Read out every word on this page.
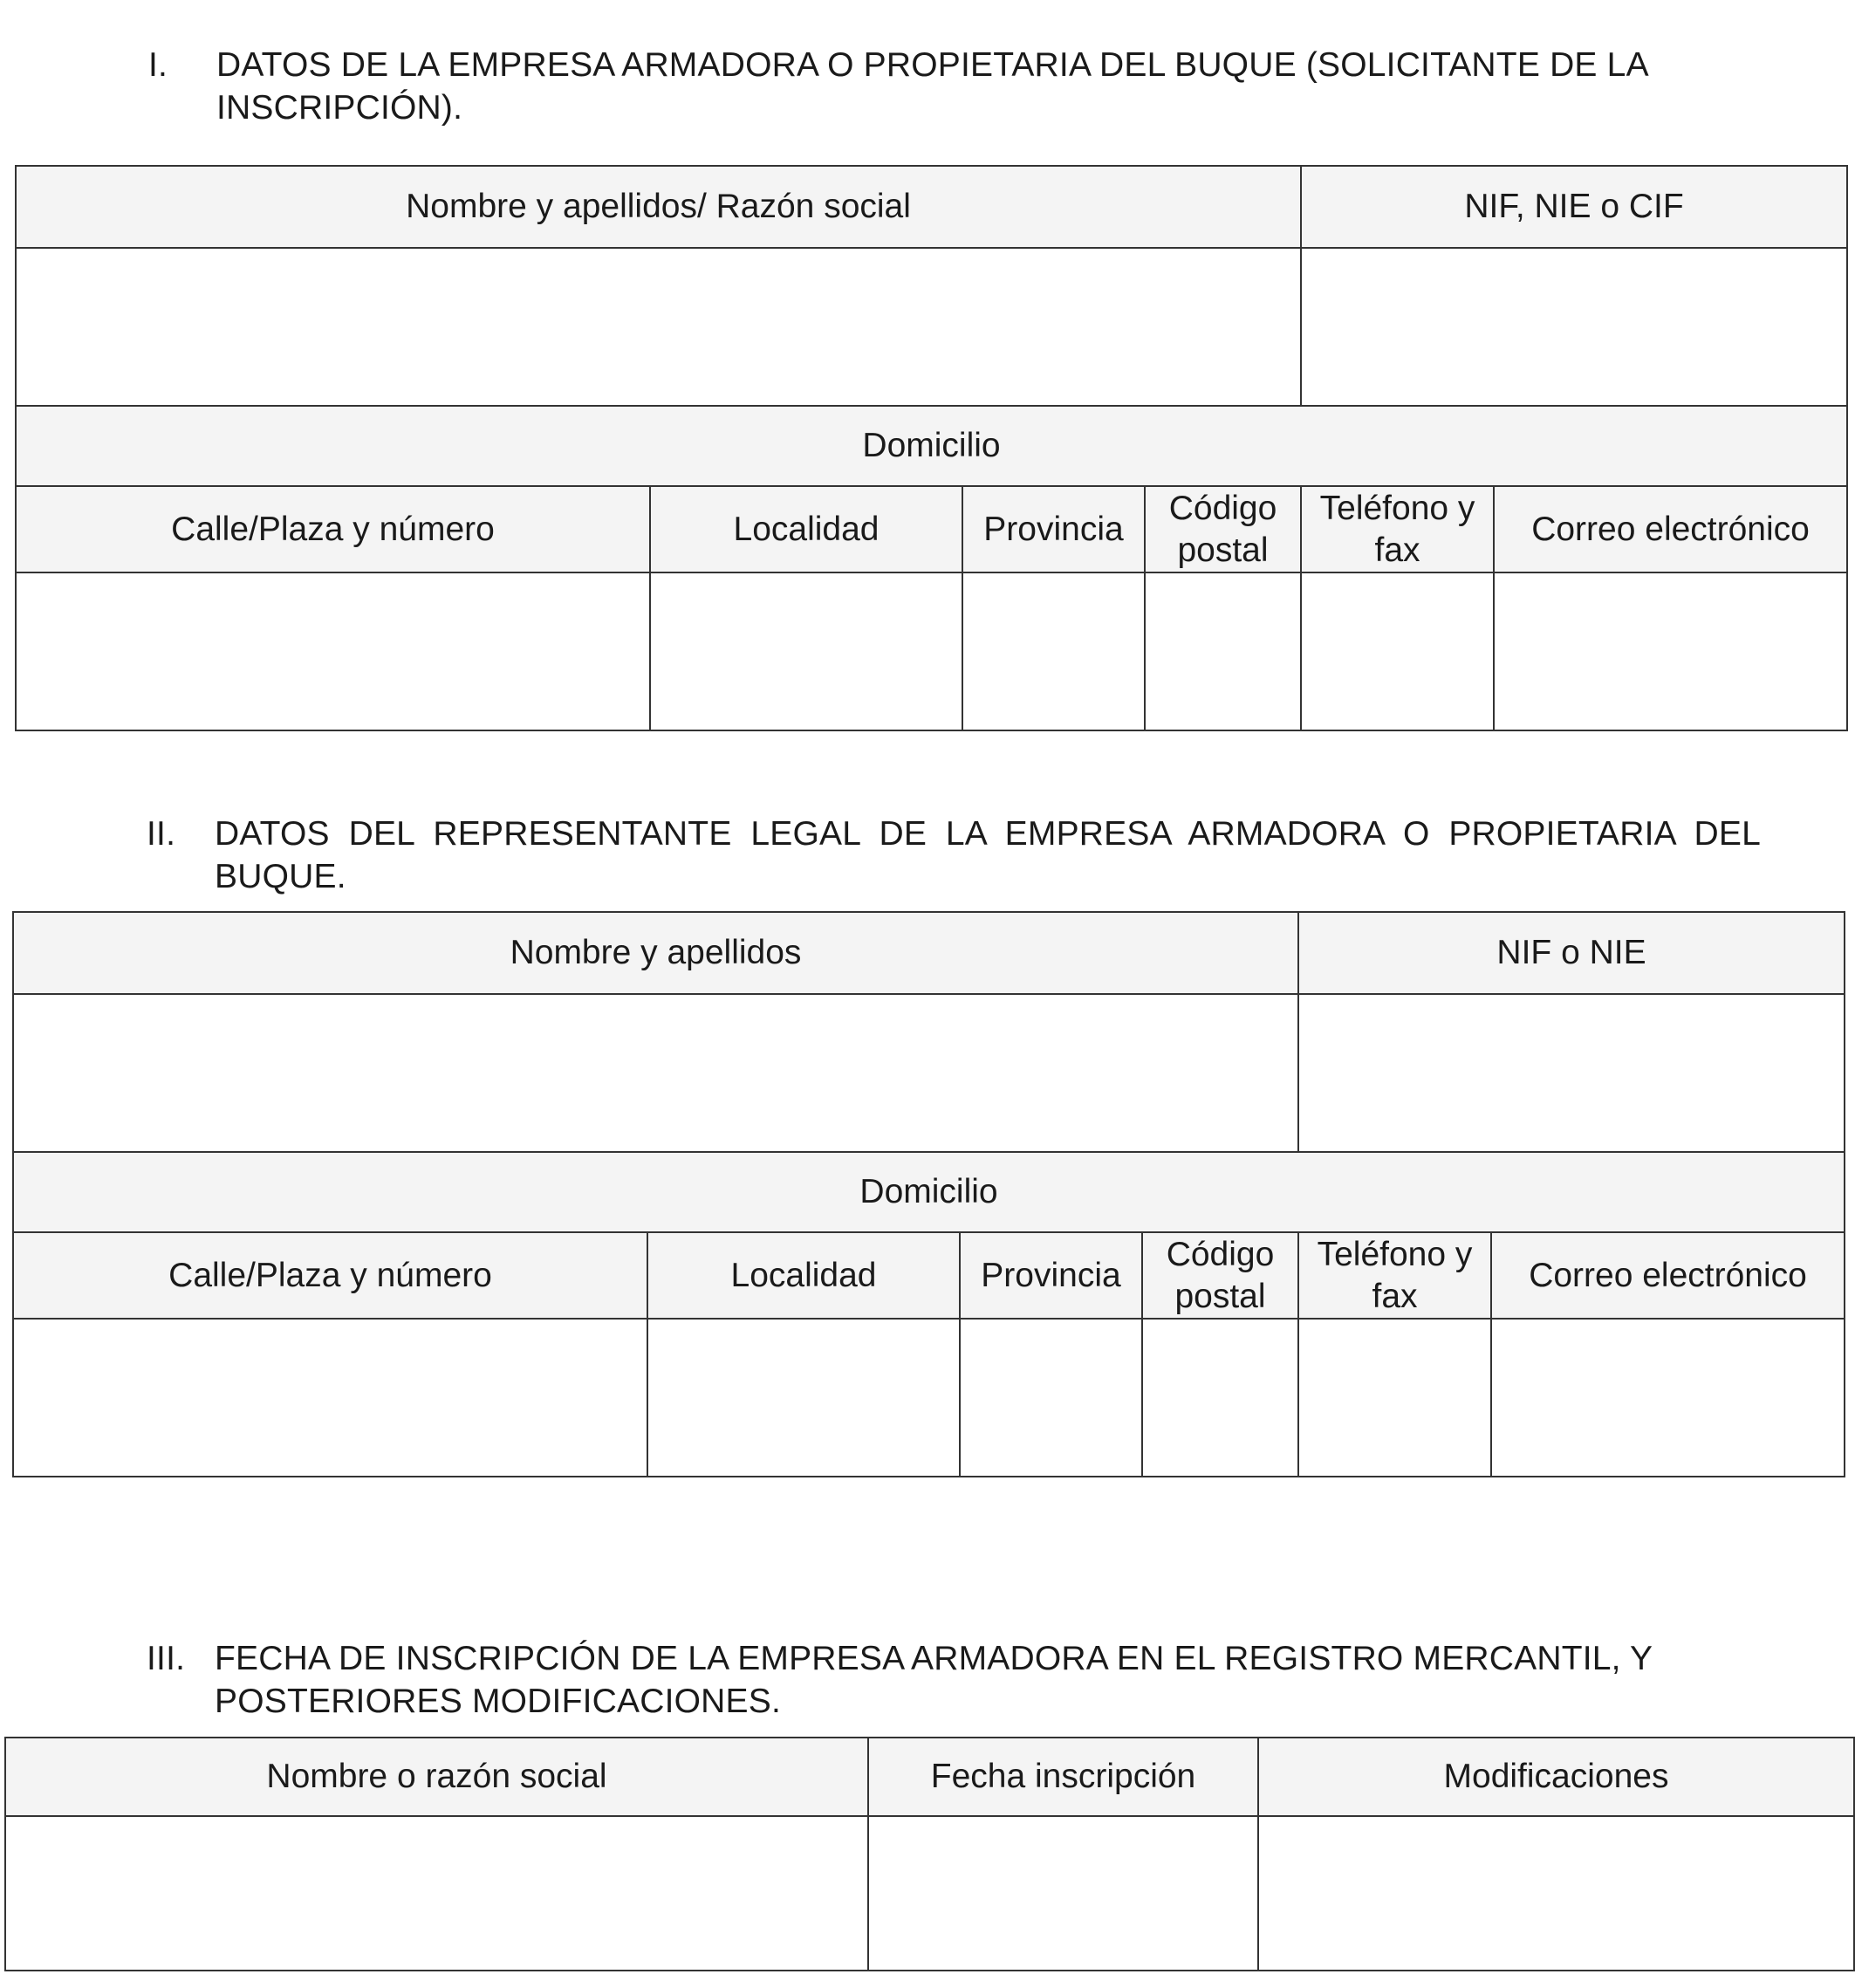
I.	DATOS DE LA EMPRESA ARMADORA O PROPIETARIA DEL BUQUE (SOLICITANTE DE LA INSCRIPCIÓN).
Nombre y apellidos/ Razón social				NIF, NIE o CIF	

Domicilio					
Calle/Plaza y número	Localidad	Provincia	Código postal	Teléfono y fax	Correo electrónico

II.	DATOS DEL REPRESENTANTE LEGAL DE LA EMPRESA ARMADORA O PROPIETARIA DEL BUQUE.
Nombre y apellidos				NIF o NIE	

Domicilio					
Calle/Plaza y número	Localidad	Provincia	Código postal	Teléfono y fax	Correo electrónico

III. FECHA DE INSCRIPCIÓN DE LA EMPRESA ARMADORA EN EL REGISTRO MERCANTIL, Y POSTERIORES MODIFICACIONES.
Nombre o razón social	Fecha inscripción	Modificaciones
